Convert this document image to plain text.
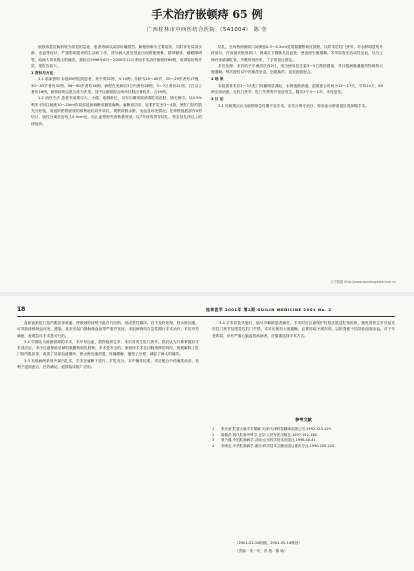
手术治疗嵌顿痔 65 例
广西桂林市中西医结合医院 （541004） 陈 莹

嵌顿痔是肛肠科较为常见的急症，患者痔病以局部疼痛剧烈、解便困难为主要症状，同时伴有局部水肿、出血等症状，严重影响患者的生活和工作，部分病人甚至因此出现排便困难、精神紧张、睡眠障碍等，给病人带来极大的痛苦。我院自1996年6月～2000年12月采用手术治疗嵌顿痔65例，取得较好的疗效，现报告如下。

1 资料与方法

1.1 临床资料 本组65例住院患者，其中男51例，女14例；年龄为20～60岁，20～29岁者有17例，30～55岁者有32例，56～60岁者有16例。病程在发病后3日内者有28例，3～7日者有21例，7日以上者有16例。嵌顿痔块以混合痔为多见，其中以嵌顿混合痔环状脱出者较多，占45例。

1.2 治疗方法 患者术前排尽大、小便，取侧卧位，以安尔碘常规消毒肛周皮肤，铺无菌巾，以0.5%利多卡因注射液10～20ml作局部浸润麻醉或骶管麻醉。麻醉成功后，轻柔扩肛至3～4指，使肛门括约肌充分松弛，用组织钳将嵌顿的痔核轻轻向外牵拉，观察痔核水肿、出血及坏死情况。在痔核基底部作V形切口，钝性分离至齿线上0.5cm处，用止血钳钳夹痔核基底部，以7号丝线贯穿结扎，剪去结扎线以上的痔组织。

结扎，在痔核两侧切口间保留0.3～0.5cm宽的黏膜桥和皮肤桥，以防术后肛门狭窄。对水肿明显的外痔部分，作放射状梭形切口，剥离皮下静脉丛及血栓，使创面引流通畅。术毕检查无活动性出血，以凡士林纱条填塞肛管，外敷塔形纱布，丁字带加压固定。

术后处理：术后给予半流质饮食2日，适当使用抗生素3～5日预防感染，并口服润肠通便药物保持大便通畅。每次便后以中药熏洗坐浴，创面换药，直至创面愈合。

2 结 果

本组患者术后1～3天肛门疼痛明显减轻，水肿逐渐消退。创面愈合时间为12～17天，平均14天，65例全部治愈，无肛门狭窄、肛门失禁等并发症发生。随访3个月～1年，未见复发。

3 讨 论

3.1 传统观点认为嵌顿痔急性期不宜手术，应先行保守治疗，待炎症水肿消退后再择期手术。

万方数据 http://www.wanfangdata.com.cn
18	桂林医学 2001年 第2期 GUILIN MEDICINE 2001 No. 2

血瘀而致肛门括约肌痉挛收缩，使嵌顿的痔核不能自行回纳，形成恶性循环。若不及时处理，则水肿加重，可导致痔核缺血坏死、感染，甚至引起门静脉菌血症等严重并发症。本组病例均在急性期行手术治疗，术后疗效满意，表明急诊手术是可行的。

3.2 早期从为被嵌顿痔的手术，术中易出血、损伤组织过多，术后易发生肛门狭窄。我们认为只要掌握好手术适应证，术中注意保留足够的黏膜桥和皮肤桥，手术是安全的。嵌顿痔手术在切除痔核的同时，彻底解除了肛门括约肌痉挛，改善了局部血液循环，使水肿迅速消退，疼痛缓解，缩短了疗程，减轻了病人的痛苦。

3.3 本组病例采用外剥内扎术，手术在麻醉下进行，扩肛充分，术中操作轻柔，术后配合中药熏洗坐浴，有利于创面愈合，疗效确切，值得临床推广应用。

3.4 手术应及早施行，能尽早解除患者痛苦。手术时应注意保护肛管皮肤及肛垫组织，避免损伤过多引起术后肛门狭窄及感觉性肛门失禁。术后应保持大便通畅，必要时给予缓泻剂，以防粪便干结导致创面出血。对于年老体弱、伴有严重心脑血管疾病者，应慎重选择手术方式。

参考文献
1	张庆荣.肛管大肠手术图解.天津:天津科技翻译出版公司,1992.123-129.
2	喻德洪.现代肛肠外科学.北京:人民军医出版社,1997.152-158.
3	黄乃健.中国肛肠病学.济南:山东科学技术出版社,1996.40-41.
4	李雨农.中华肛肠病学.重庆:科学技术文献出版社重庆分社,1990.205-210.
（2001-02-16收稿，2001-05-14修回）
（责编：朱一平，责 校：陈 咏）
